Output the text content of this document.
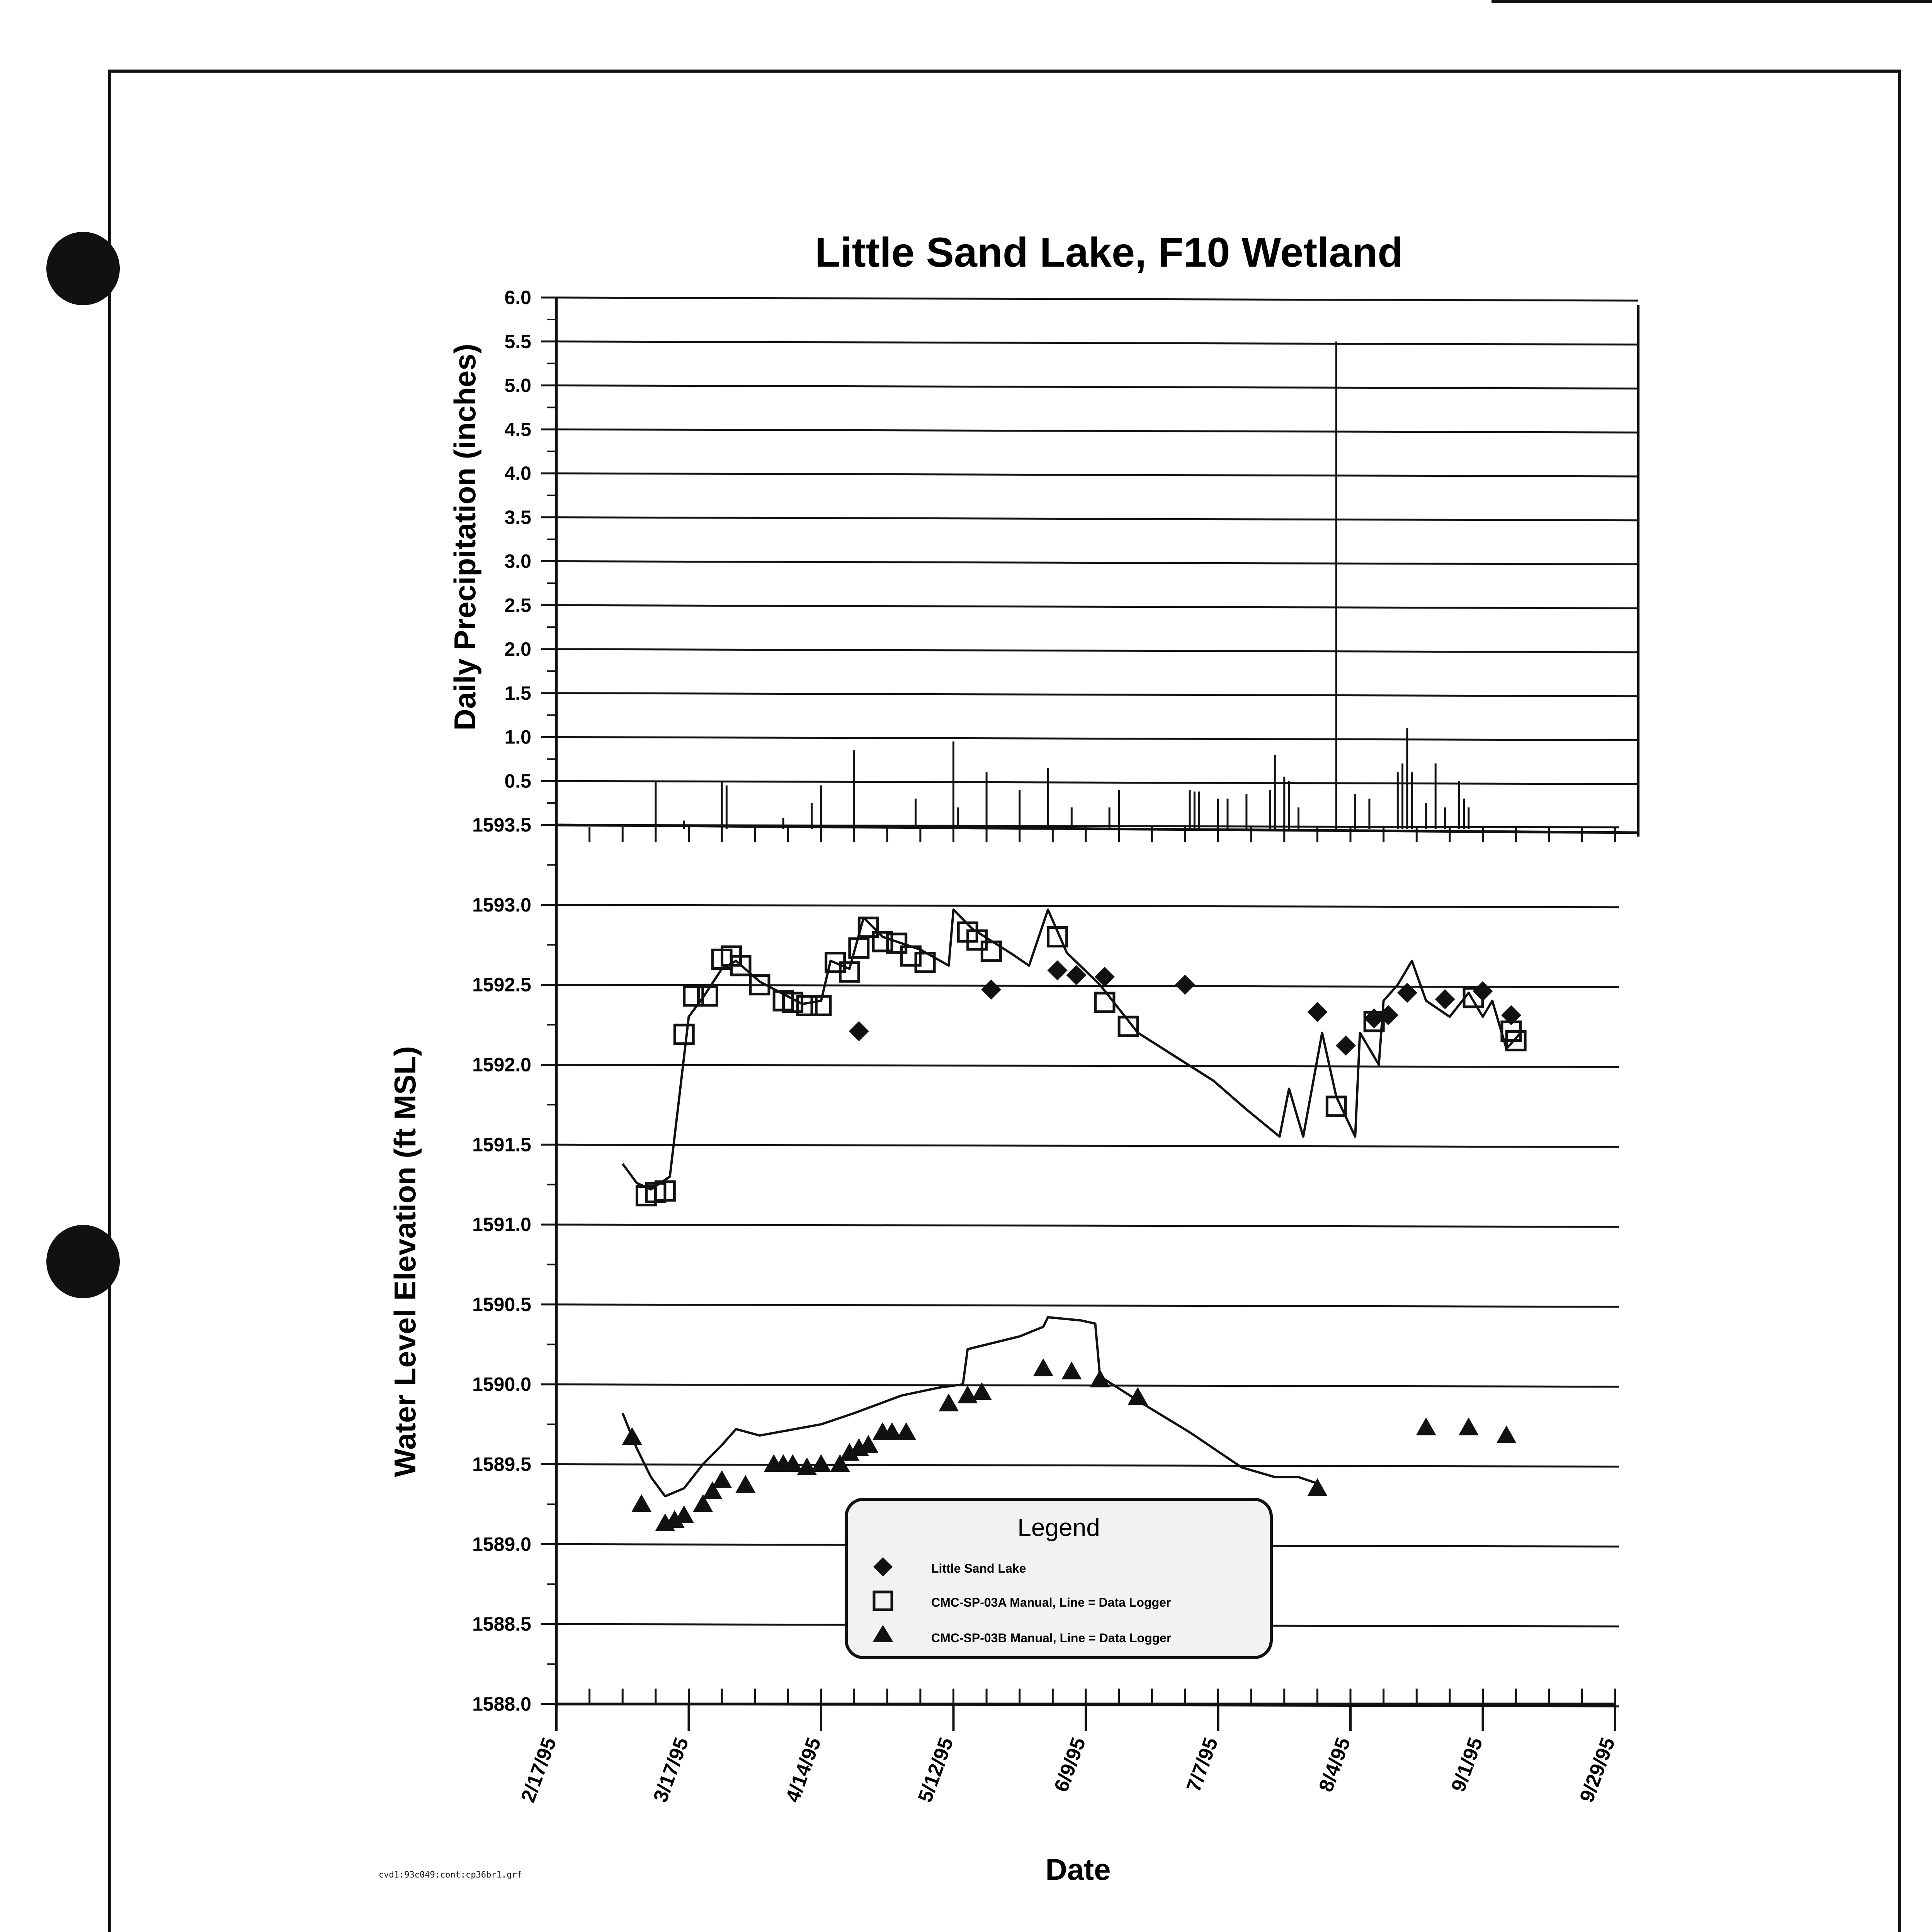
Little Sand Lake, F10 Wetland
Daily Precipitation (inches)
Water Level Elevation (ft MSL)
Date
6.0
5.5
5.0
4.5
4.0
3.5
3.0
2.5
2.0
1.5
1.0
0.5
1593.5
1593.0
1592.5
1592.0
1591.5
1591.0
1590.5
1590.0
1589.5
1589.0
1588.5
1588.0
2/17/95	3/17/95	4/14/95	5/12/95	6/9/95	7/7/95	8/4/95	9/1/95	9/29/95
Legend
Little Sand Lake
CMC-SP-03A Manual, Line = Data Logger
CMC-SP-03B Manual, Line = Data Logger
cvd1:93c049:cont:cp36br1.grf
